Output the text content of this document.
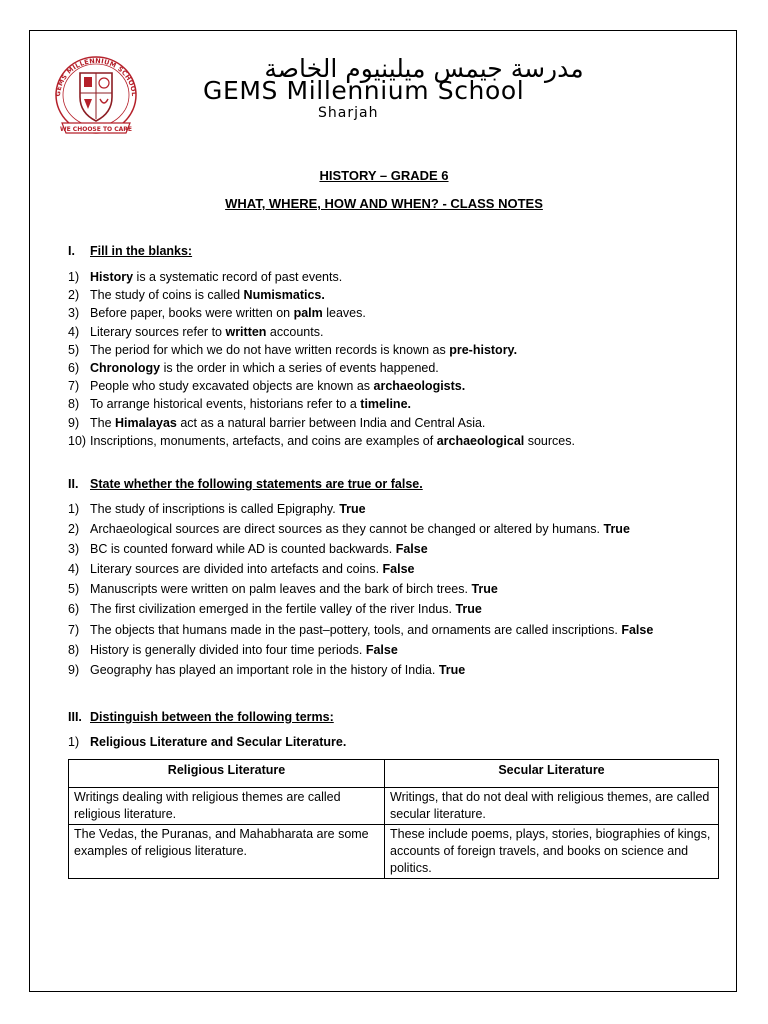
GEMS MILLENNIUM SCHOOL
WE CHOOSE TO CARE
مدرسة جيمس ميلينيوم الخاصة
GEMS Millennium School
Sharjah
HISTORY – GRADE 6
WHAT, WHERE, HOW AND WHEN? - CLASS NOTES
I. Fill in the blanks:
1) History is a systematic record of past events.
2) The study of coins is called Numismatics.
3) Before paper, books were written on palm leaves.
4) Literary sources refer to written accounts.
5) The period for which we do not have written records is known as pre-history.
6) Chronology is the order in which a series of events happened.
7) People who study excavated objects are known as archaeologists.
8) To arrange historical events, historians refer to a timeline.
9) The Himalayas act as a natural barrier between India and Central Asia.
10) Inscriptions, monuments, artefacts, and coins are examples of archaeological sources.
II. State whether the following statements are true or false.
1) The study of inscriptions is called Epigraphy. True
2) Archaeological sources are direct sources as they cannot be changed or altered by humans. True
3) BC is counted forward while AD is counted backwards. False
4) Literary sources are divided into artefacts and coins. False
5) Manuscripts were written on palm leaves and the bark of birch trees. True
6) The first civilization emerged in the fertile valley of the river Indus. True
7) The objects that humans made in the past–pottery, tools, and ornaments are called inscriptions. False
8) History is generally divided into four time periods. False
9) Geography has played an important role in the history of India. True
III. Distinguish between the following terms:
1) Religious Literature and Secular Literature.
Religious Literature	Secular Literature
Writings dealing with religious themes are called religious literature.	Writings, that do not deal with religious themes, are called secular literature.
The Vedas, the Puranas, and Mahabharata are some examples of religious literature.	These include poems, plays, stories, biographies of kings, accounts of foreign travels, and books on science and politics.
